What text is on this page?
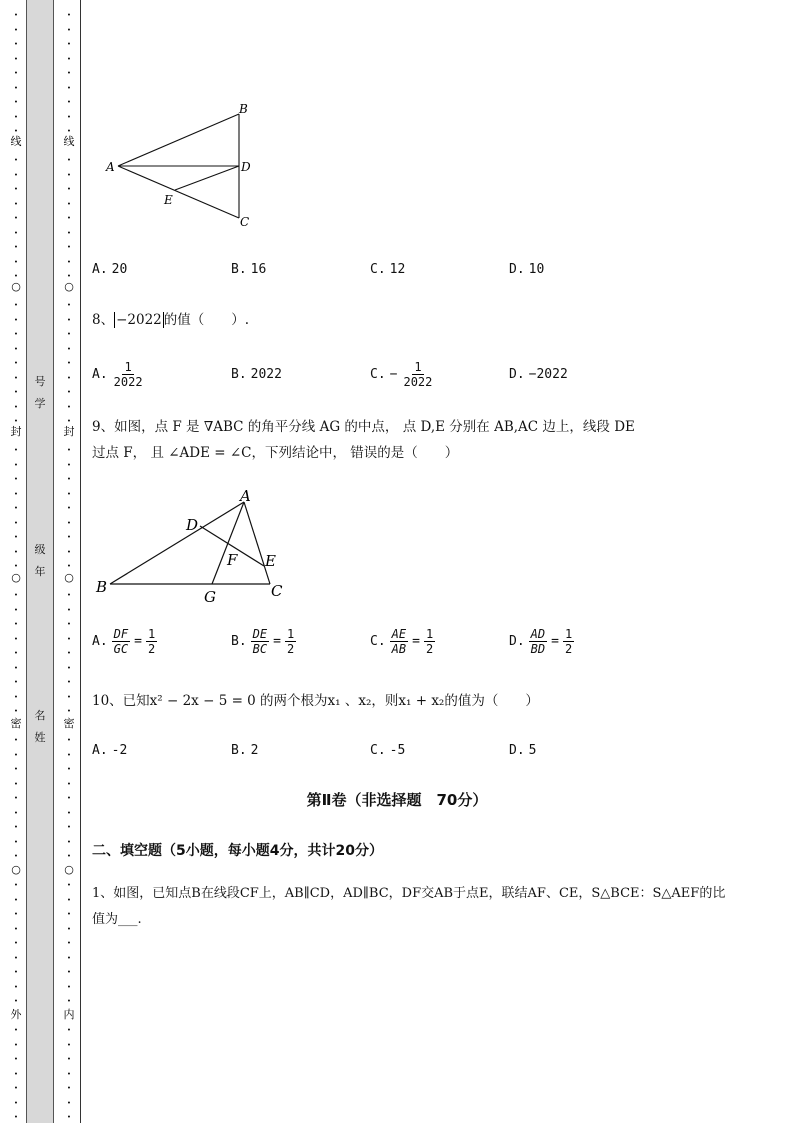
•
•
•
•
•
•
•
•
•
•
•
•
•
•
•
•
•
•
•
•
•
•
•
•
•
•
•
•
•
•
•
•
•
•
•
•
•
•
•
•
•
•
•
•
•
•
•
•
•
•
•
•
•
•
•
•
•
•
•
•
•
•
•
•
•
•
•
•
•
•
线
○
封
○
密
○
外
号
学
级
年
名
姓
•
•
•
•
•
•
•
•
•
•
•
•
•
•
•
•
•
•
•
•
•
•
•
•
•
•
•
•
•
•
•
•
•
•
•
•
•
•
•
•
•
•
•
•
•
•
•
•
•
•
•
•
•
•
•
•
•
•
•
•
•
•
•
•
•
•
•
•
•
•
线
○
封
○
密
○
内
A
B
C
D
E
A. 20	B. 16	C. 12	D. 10
8、 −2022 的值（　　）.
A. $\frac{1}{2022}$	B. 2022	C. − $\frac{1}{2022}$	D. −2022
9、如图，点 F 是 ∇ABC 的角平分线 AG 的中点， 点 D,E 分别在 AB,AC 边上，线段 DE
过点 F， 且 ∠ADE = ∠C，下列结论中， 错误的是（　　）
A
B	C
D
E
F
G
A. $\frac{DF}{GC} = \frac{1}{2}$	B. $\frac{DE}{BC} = \frac{1}{2}$	C. $\frac{AE}{AB} = \frac{1}{2}$	D. $\frac{AD}{BD} = \frac{1}{2}$
10、已知x² − 2x − 5 = 0 的两个根为x₁ 、x₂，则x₁ + x₂的值为（　　）
A. -2	B. 2	C. -5	D. 5
第Ⅱ卷（非选择题　70分）
二、填空题（5小题，每小题4分，共计20分）
1、如图，已知点B在线段CF上，AB∥CD，AD∥BC，DF交AB于点E，联结AF、CE，S△BCE：S△AEF的比
值为___.
